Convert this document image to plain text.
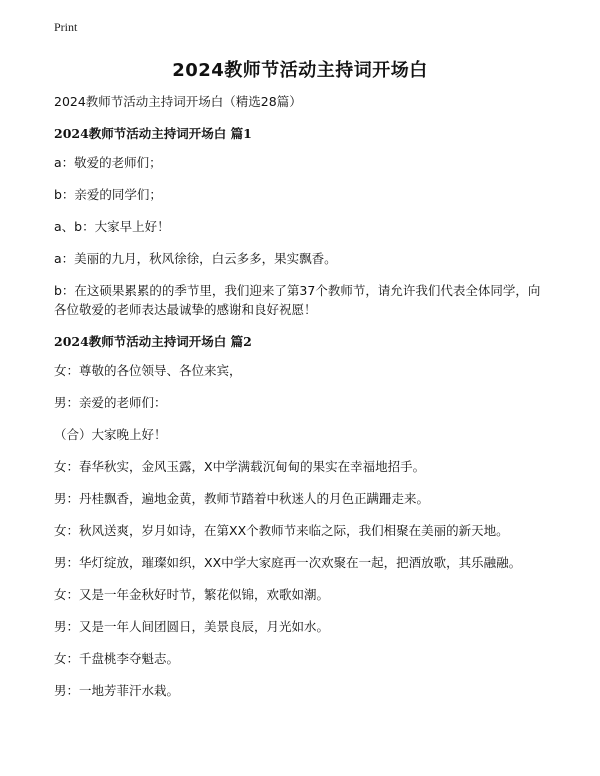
Print
2024教师节活动主持词开场白

2024教师节活动主持词开场白（精选28篇）

2024教师节活动主持词开场白 篇1

a：敬爱的老师们；

b：亲爱的同学们；

a、b：大家早上好！

a：美丽的九月，秋风徐徐，白云多多，果实飘香。

b：在这硕果累累的的季节里，我们迎来了第37个教师节，请允许我们代表全体同学，向各位敬爱的老师表达最诚挚的感谢和良好祝愿！

2024教师节活动主持词开场白 篇2

女：尊敬的各位领导、各位来宾，

男：亲爱的老师们：

（合）大家晚上好！

女：春华秋实，金风玉露，X中学满载沉甸甸的果实在幸福地招手。

男：丹桂飘香，遍地金黄，教师节踏着中秋迷人的月色正蹒跚走来。

女：秋风送爽，岁月如诗，在第XX个教师节来临之际，我们相聚在美丽的新天地。

男：华灯绽放，璀璨如织，XX中学大家庭再一次欢聚在一起，把酒放歌，其乐融融。

女：又是一年金秋好时节，繁花似锦，欢歌如潮。

男：又是一年人间团圆日，美景良辰，月光如水。

女：千盘桃李夺魁志。

男：一地芳菲汗水栽。
